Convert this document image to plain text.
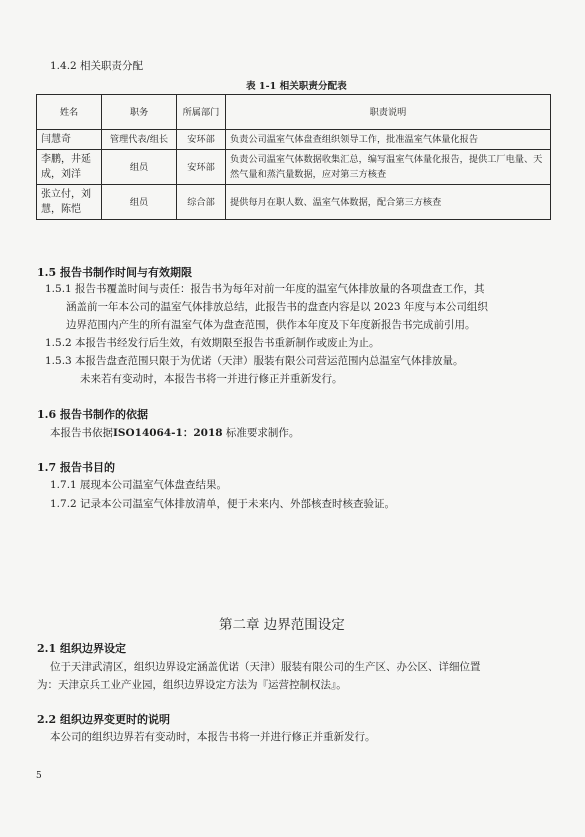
1.4.2 相关职责分配
表 1-1 相关职责分配表
姓名	职务	所属部门	职责说明
闫慧奇	管理代表/组长	安环部	负责公司温室气体盘查组织领导工作，批准温室气体量化报告
李鹏，井延成，刘洋	组员	安环部	负责公司温室气体数据收集汇总，编写温室气体量化报告，提供工厂电量、天然气量和蒸汽量数据，应对第三方核查
张立付，刘慧，陈恺	组员	综合部	提供每月在职人数、温室气体数据，配合第三方核查
1.5 报告书制作时间与有效期限
1.5.1 报告书覆盖时间与责任：报告书为每年对前一年度的温室气体排放量的各项盘查工作，其
涵盖前一年本公司的温室气体排放总结，此报告书的盘查内容是以 2023 年度与本公司组织
边界范围内产生的所有温室气体为盘查范围，供作本年度及下年度新报告书完成前引用。
1.5.2 本报告书经发行后生效，有效期限至报告书重新制作或废止为止。
1.5.3 本报告盘查范围只限于为优诺（天津）服装有限公司营运范围内总温室气体排放量。
未来若有变动时，本报告书将一并进行修正并重新发行。
1.6 报告书制作的依据
本报告书依据ISO14064-1：2018 标准要求制作。
1.7 报告书目的
1.7.1 展现本公司温室气体盘查结果。
1.7.2 记录本公司温室气体排放清单，便于未来内、外部核查时核查验证。
第二章 边界范围设定
2.1 组织边界设定
位于天津武清区，组织边界设定涵盖优诺（天津）服装有限公司的生产区、办公区、详细位置
为：天津京兵工业产业园，组织边界设定方法为『运营控制权法』。
2.2 组织边界变更时的说明
本公司的组织边界若有变动时，本报告书将一并进行修正并重新发行。
5
